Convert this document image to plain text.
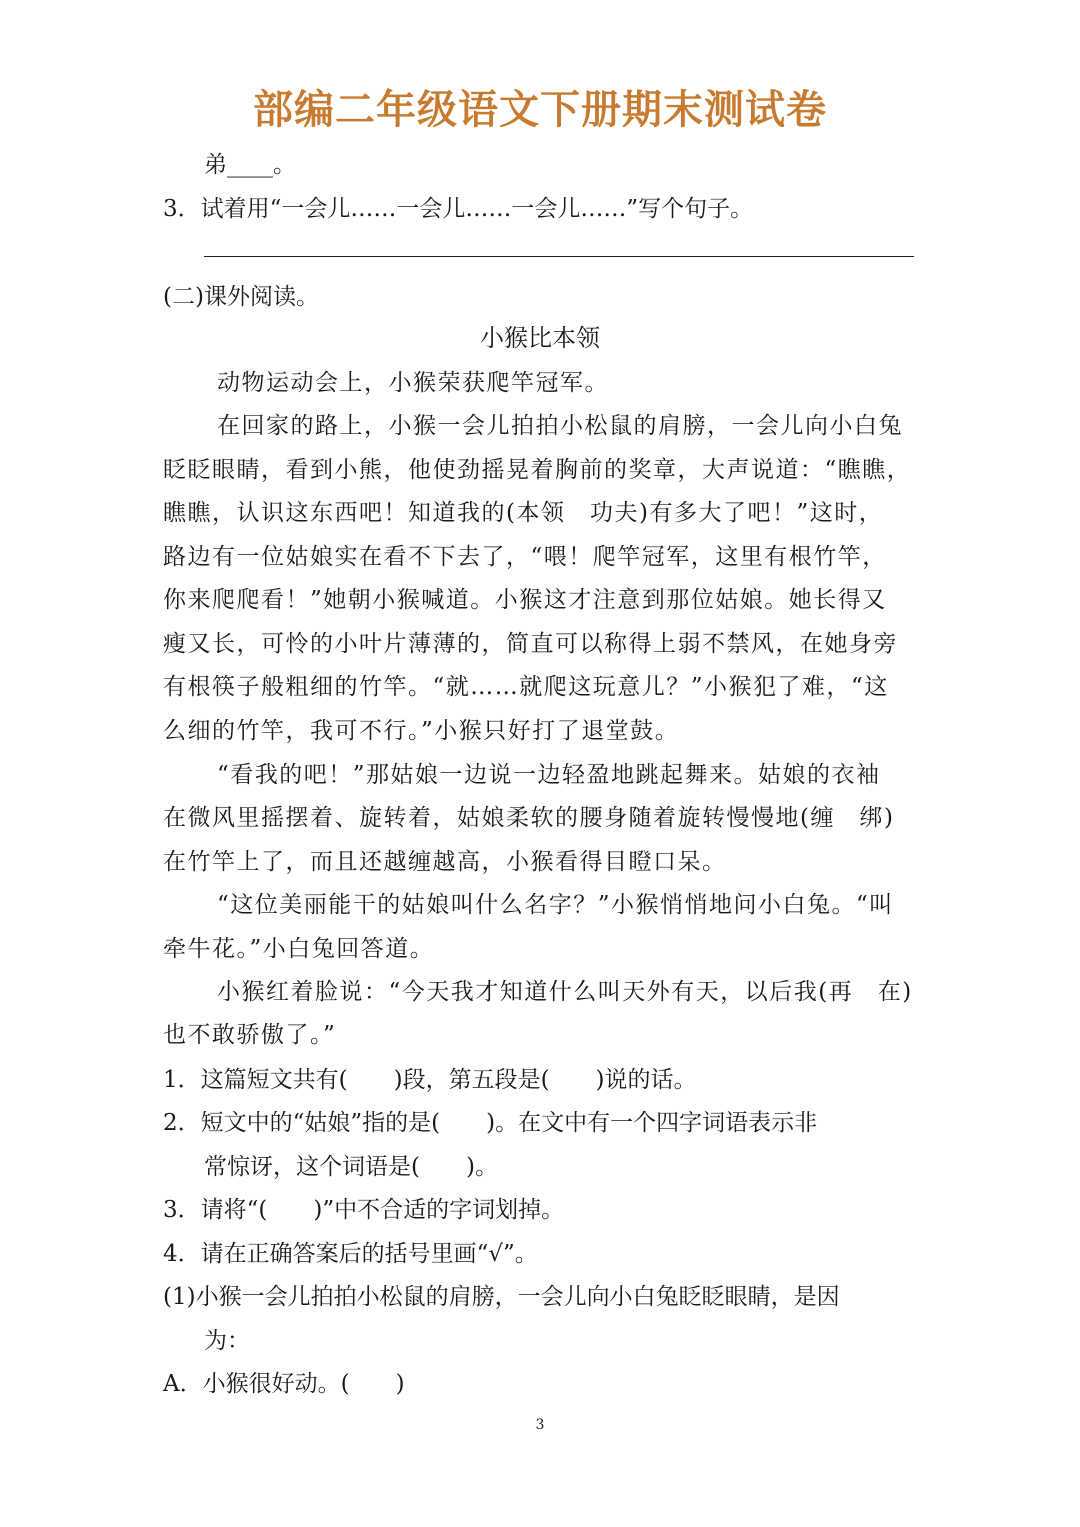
部编二年级语文下册期末测试卷
弟____。
3．试着用“一会儿……一会儿……一会儿……”写个句子。
(二)课外阅读。
小猴比本领
动物运动会上，小猴荣获爬竿冠军。
在回家的路上，小猴一会儿拍拍小松鼠的肩膀，一会儿向小白兔
眨眨眼睛，看到小熊，他使劲摇晃着胸前的奖章，大声说道：“瞧瞧，
瞧瞧，认识这东西吧！知道我的(本领　功夫)有多大了吧！”这时，
路边有一位姑娘实在看不下去了，“喂！爬竿冠军，这里有根竹竿，
你来爬爬看！”她朝小猴喊道。小猴这才注意到那位姑娘。她长得又
瘦又长，可怜的小叶片薄薄的，简直可以称得上弱不禁风，在她身旁
有根筷子般粗细的竹竿。“就……就爬这玩意儿？”小猴犯了难，“这
么细的竹竿，我可不行。”小猴只好打了退堂鼓。
“看我的吧！”那姑娘一边说一边轻盈地跳起舞来。姑娘的衣袖
在微风里摇摆着、旋转着，姑娘柔软的腰身随着旋转慢慢地(缠　绑)
在竹竿上了，而且还越缠越高，小猴看得目瞪口呆。
“这位美丽能干的姑娘叫什么名字？”小猴悄悄地问小白兔。“叫
牵牛花。”小白兔回答道。
小猴红着脸说：“今天我才知道什么叫天外有天，以后我(再　在)
也不敢骄傲了。”
1．这篇短文共有(　　)段，第五段是(　　)说的话。
2．短文中的“姑娘”指的是(　　)。在文中有一个四字词语表示非
常惊讶，这个词语是(　　)。
3．请将“(　　)”中不合适的字词划掉。
4．请在正确答案后的括号里画“√”。
(1)小猴一会儿拍拍小松鼠的肩膀，一会儿向小白兔眨眨眼睛，是因
为：
A．小猴很好动。(　　)
3
